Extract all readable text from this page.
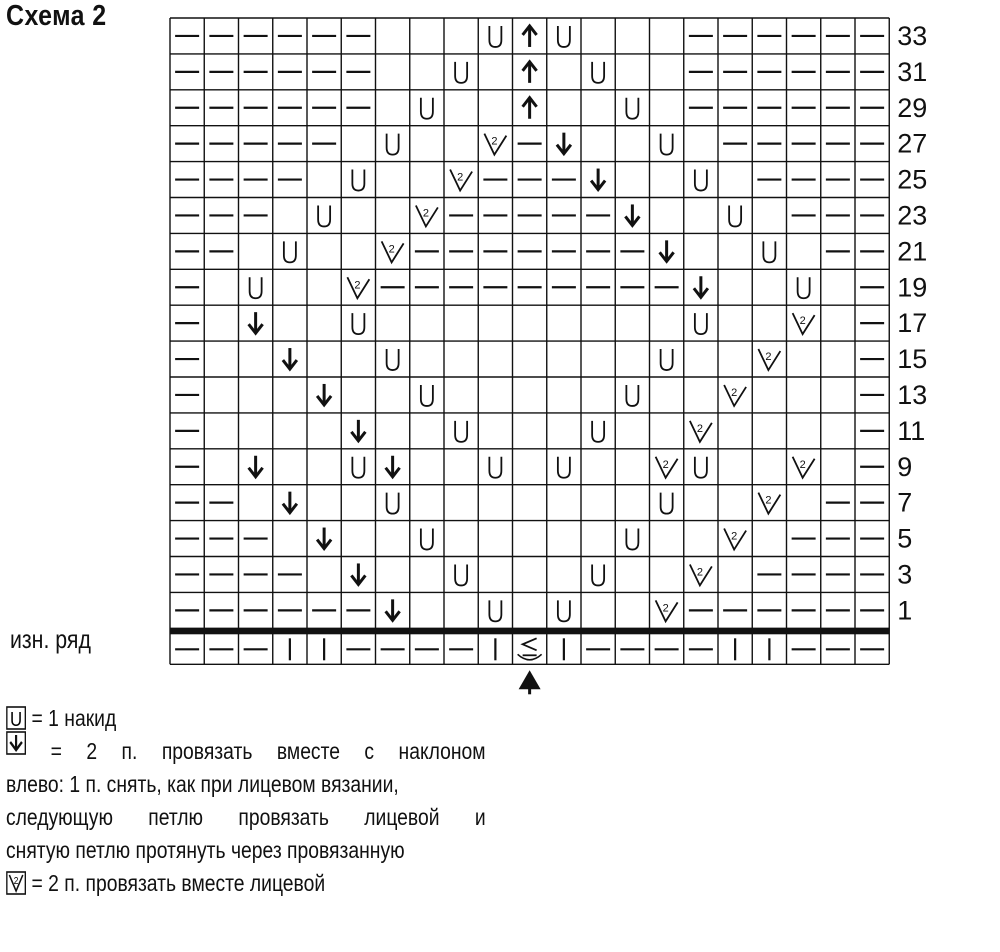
Схема 2
2
2
2
2
2
2
2
2
2
2	2
2
2
2
2
33
31
29
27
25
23
21
19
17
15
13
11
9
7
5
3
1
изн. ряд
U = 1 накид
= 2 п. провязать вместе с наклоном
влево: 1 п. снять, как при лицевом вязании,
следующую петлю провязать лицевой и
снятую петлю протянуть через провязанную
2 = 2 п. провязать вместе лицевой
